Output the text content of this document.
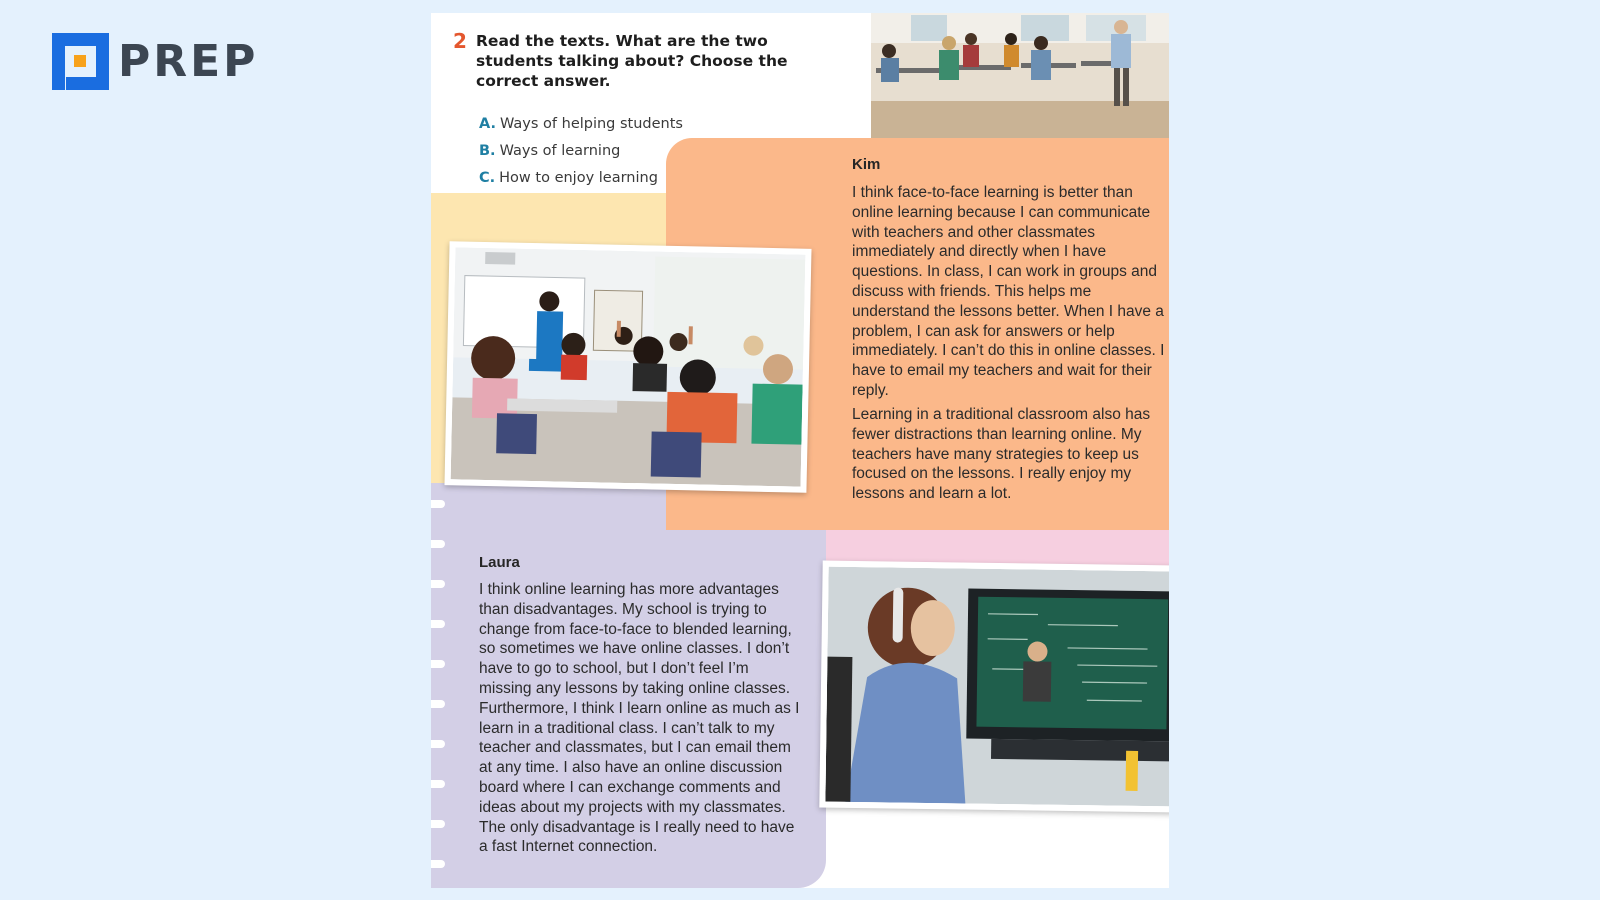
PREP	2 Read the texts. What are the two students talking about? Choose the correct answer.
A. Ways of helping students
B. Ways of learning
C. How to enjoy learning
Kim

I think face-to-face learning is better than online learning because I can communicate with teachers and other classmates immediately and directly when I have questions. In class, I can work in groups and discuss with friends. This helps me understand the lessons better. When I have a problem, I can ask for answers or help immediately. I can’t do this in online classes. I have to email my teachers and wait for their reply.

Learning in a traditional classroom also has fewer distractions than learning online. My teachers have many strategies to keep us focused on the lessons. I really enjoy my lessons and learn a lot.

Laura

I think online learning has more advantages than disadvantages. My school is trying to change from face-to-face to blended learning, so sometimes we have online classes. I don’t have to go to school, but I don’t feel I’m missing any lessons by taking online classes. Furthermore, I think I learn online as much as I learn in a traditional class. I can’t talk to my teacher and classmates, but I can email them at any time. I also have an online discussion board where I can exchange comments and ideas about my projects with my classmates. The only disadvantage is I really need to have a fast Internet connection.
